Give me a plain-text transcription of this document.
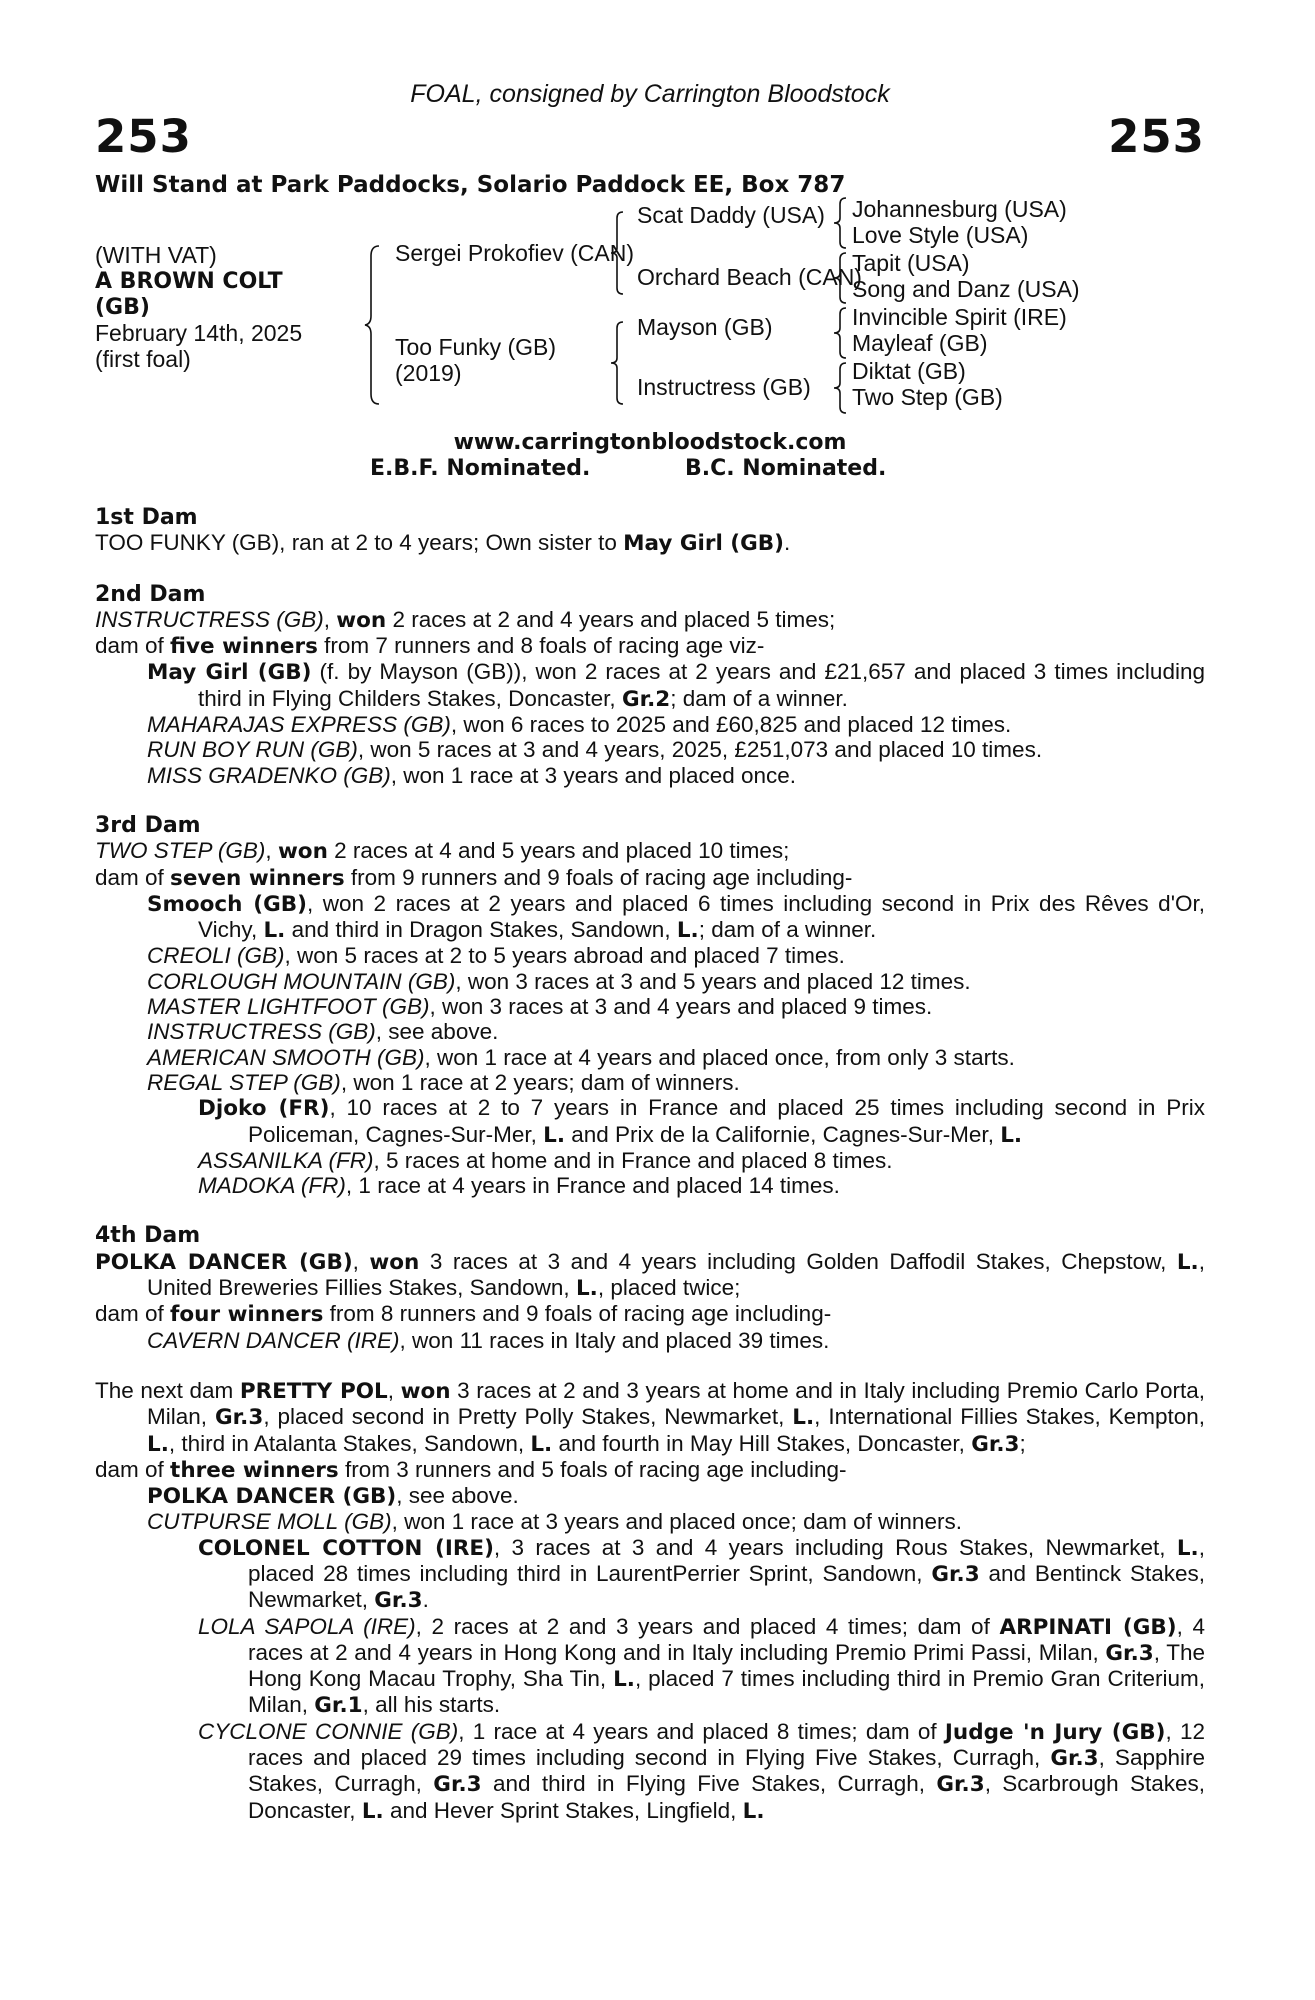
FOAL, consigned by Carrington Bloodstock
253	253
Will Stand at Park Paddocks, Solario Paddock EE, Box 787
(WITH VAT)
A BROWN COLT
(GB)
February 14th, 2025
(first foal)
Sergei Prokofiev (CAN)
Too Funky (GB)
(2019)
Scat Daddy (USA)
Orchard Beach (CAN)
Mayson (GB)
Instructress (GB)
Johannesburg (USA)
Love Style (USA)
Tapit (USA)
Song and Danz (USA)
Invincible Spirit (IRE)
Mayleaf (GB)
Diktat (GB)
Two Step (GB)
www.carringtonbloodstock.com
E.B.F. Nominated.	B.C. Nominated.

1st Dam

TOO FUNKY (GB), ran at 2 to 4 years; Own sister to May Girl (GB).

2nd Dam

INSTRUCTRESS (GB), won 2 races at 2 and 4 years and placed 5 times;

dam of five winners from 7 runners and 8 foals of racing age viz-

May Girl (GB) (f. by Mayson (GB)), won 2 races at 2 years and £21,657 and placed 3 times including third in Flying Childers Stakes, Doncaster, Gr.2; dam of a winner.

MAHARAJAS EXPRESS (GB), won 6 races to 2025 and £60,825 and placed 12 times.

RUN BOY RUN (GB), won 5 races at 3 and 4 years, 2025, £251,073 and placed 10 times.

MISS GRADENKO (GB), won 1 race at 3 years and placed once.

3rd Dam

TWO STEP (GB), won 2 races at 4 and 5 years and placed 10 times;

dam of seven winners from 9 runners and 9 foals of racing age including-

Smooch (GB), won 2 races at 2 years and placed 6 times including second in Prix des Rêves d'Or, Vichy, L. and third in Dragon Stakes, Sandown, L.; dam of a winner.

CREOLI (GB), won 5 races at 2 to 5 years abroad and placed 7 times.

CORLOUGH MOUNTAIN (GB), won 3 races at 3 and 5 years and placed 12 times.

MASTER LIGHTFOOT (GB), won 3 races at 3 and 4 years and placed 9 times.

INSTRUCTRESS (GB), see above.

AMERICAN SMOOTH (GB), won 1 race at 4 years and placed once, from only 3 starts.

REGAL STEP (GB), won 1 race at 2 years; dam of winners.

Djoko (FR), 10 races at 2 to 7 years in France and placed 25 times including second in Prix Policeman, Cagnes-Sur-Mer, L. and Prix de la Californie, Cagnes-Sur-Mer, L.

ASSANILKA (FR), 5 races at home and in France and placed 8 times.

MADOKA (FR), 1 race at 4 years in France and placed 14 times.

4th Dam

POLKA DANCER (GB), won 3 races at 3 and 4 years including Golden Daffodil Stakes, Chepstow, L., United Breweries Fillies Stakes, Sandown, L., placed twice;

dam of four winners from 8 runners and 9 foals of racing age including-

CAVERN DANCER (IRE), won 11 races in Italy and placed 39 times.

The next dam PRETTY POL, won 3 races at 2 and 3 years at home and in Italy including Premio Carlo Porta, Milan, Gr.3, placed second in Pretty Polly Stakes, Newmarket, L., International Fillies Stakes, Kempton, L., third in Atalanta Stakes, Sandown, L. and fourth in May Hill Stakes, Doncaster, Gr.3;

dam of three winners from 3 runners and 5 foals of racing age including-

POLKA DANCER (GB), see above.

CUTPURSE MOLL (GB), won 1 race at 3 years and placed once; dam of winners.

COLONEL COTTON (IRE), 3 races at 3 and 4 years including Rous Stakes, Newmarket, L., placed 28 times including third in LaurentPerrier Sprint, Sandown, Gr.3 and Bentinck Stakes, Newmarket, Gr.3.

LOLA SAPOLA (IRE), 2 races at 2 and 3 years and placed 4 times; dam of ARPINATI (GB), 4 races at 2 and 4 years in Hong Kong and in Italy including Premio Primi Passi, Milan, Gr.3, The Hong Kong Macau Trophy, Sha Tin, L., placed 7 times including third in Premio Gran Criterium, Milan, Gr.1, all his starts.

CYCLONE CONNIE (GB), 1 race at 4 years and placed 8 times; dam of Judge 'n Jury (GB), 12 races and placed 29 times including second in Flying Five Stakes, Curragh, Gr.3, Sapphire Stakes, Curragh, Gr.3 and third in Flying Five Stakes, Curragh, Gr.3, Scarbrough Stakes, Doncaster, L. and Hever Sprint Stakes, Lingfield, L.
